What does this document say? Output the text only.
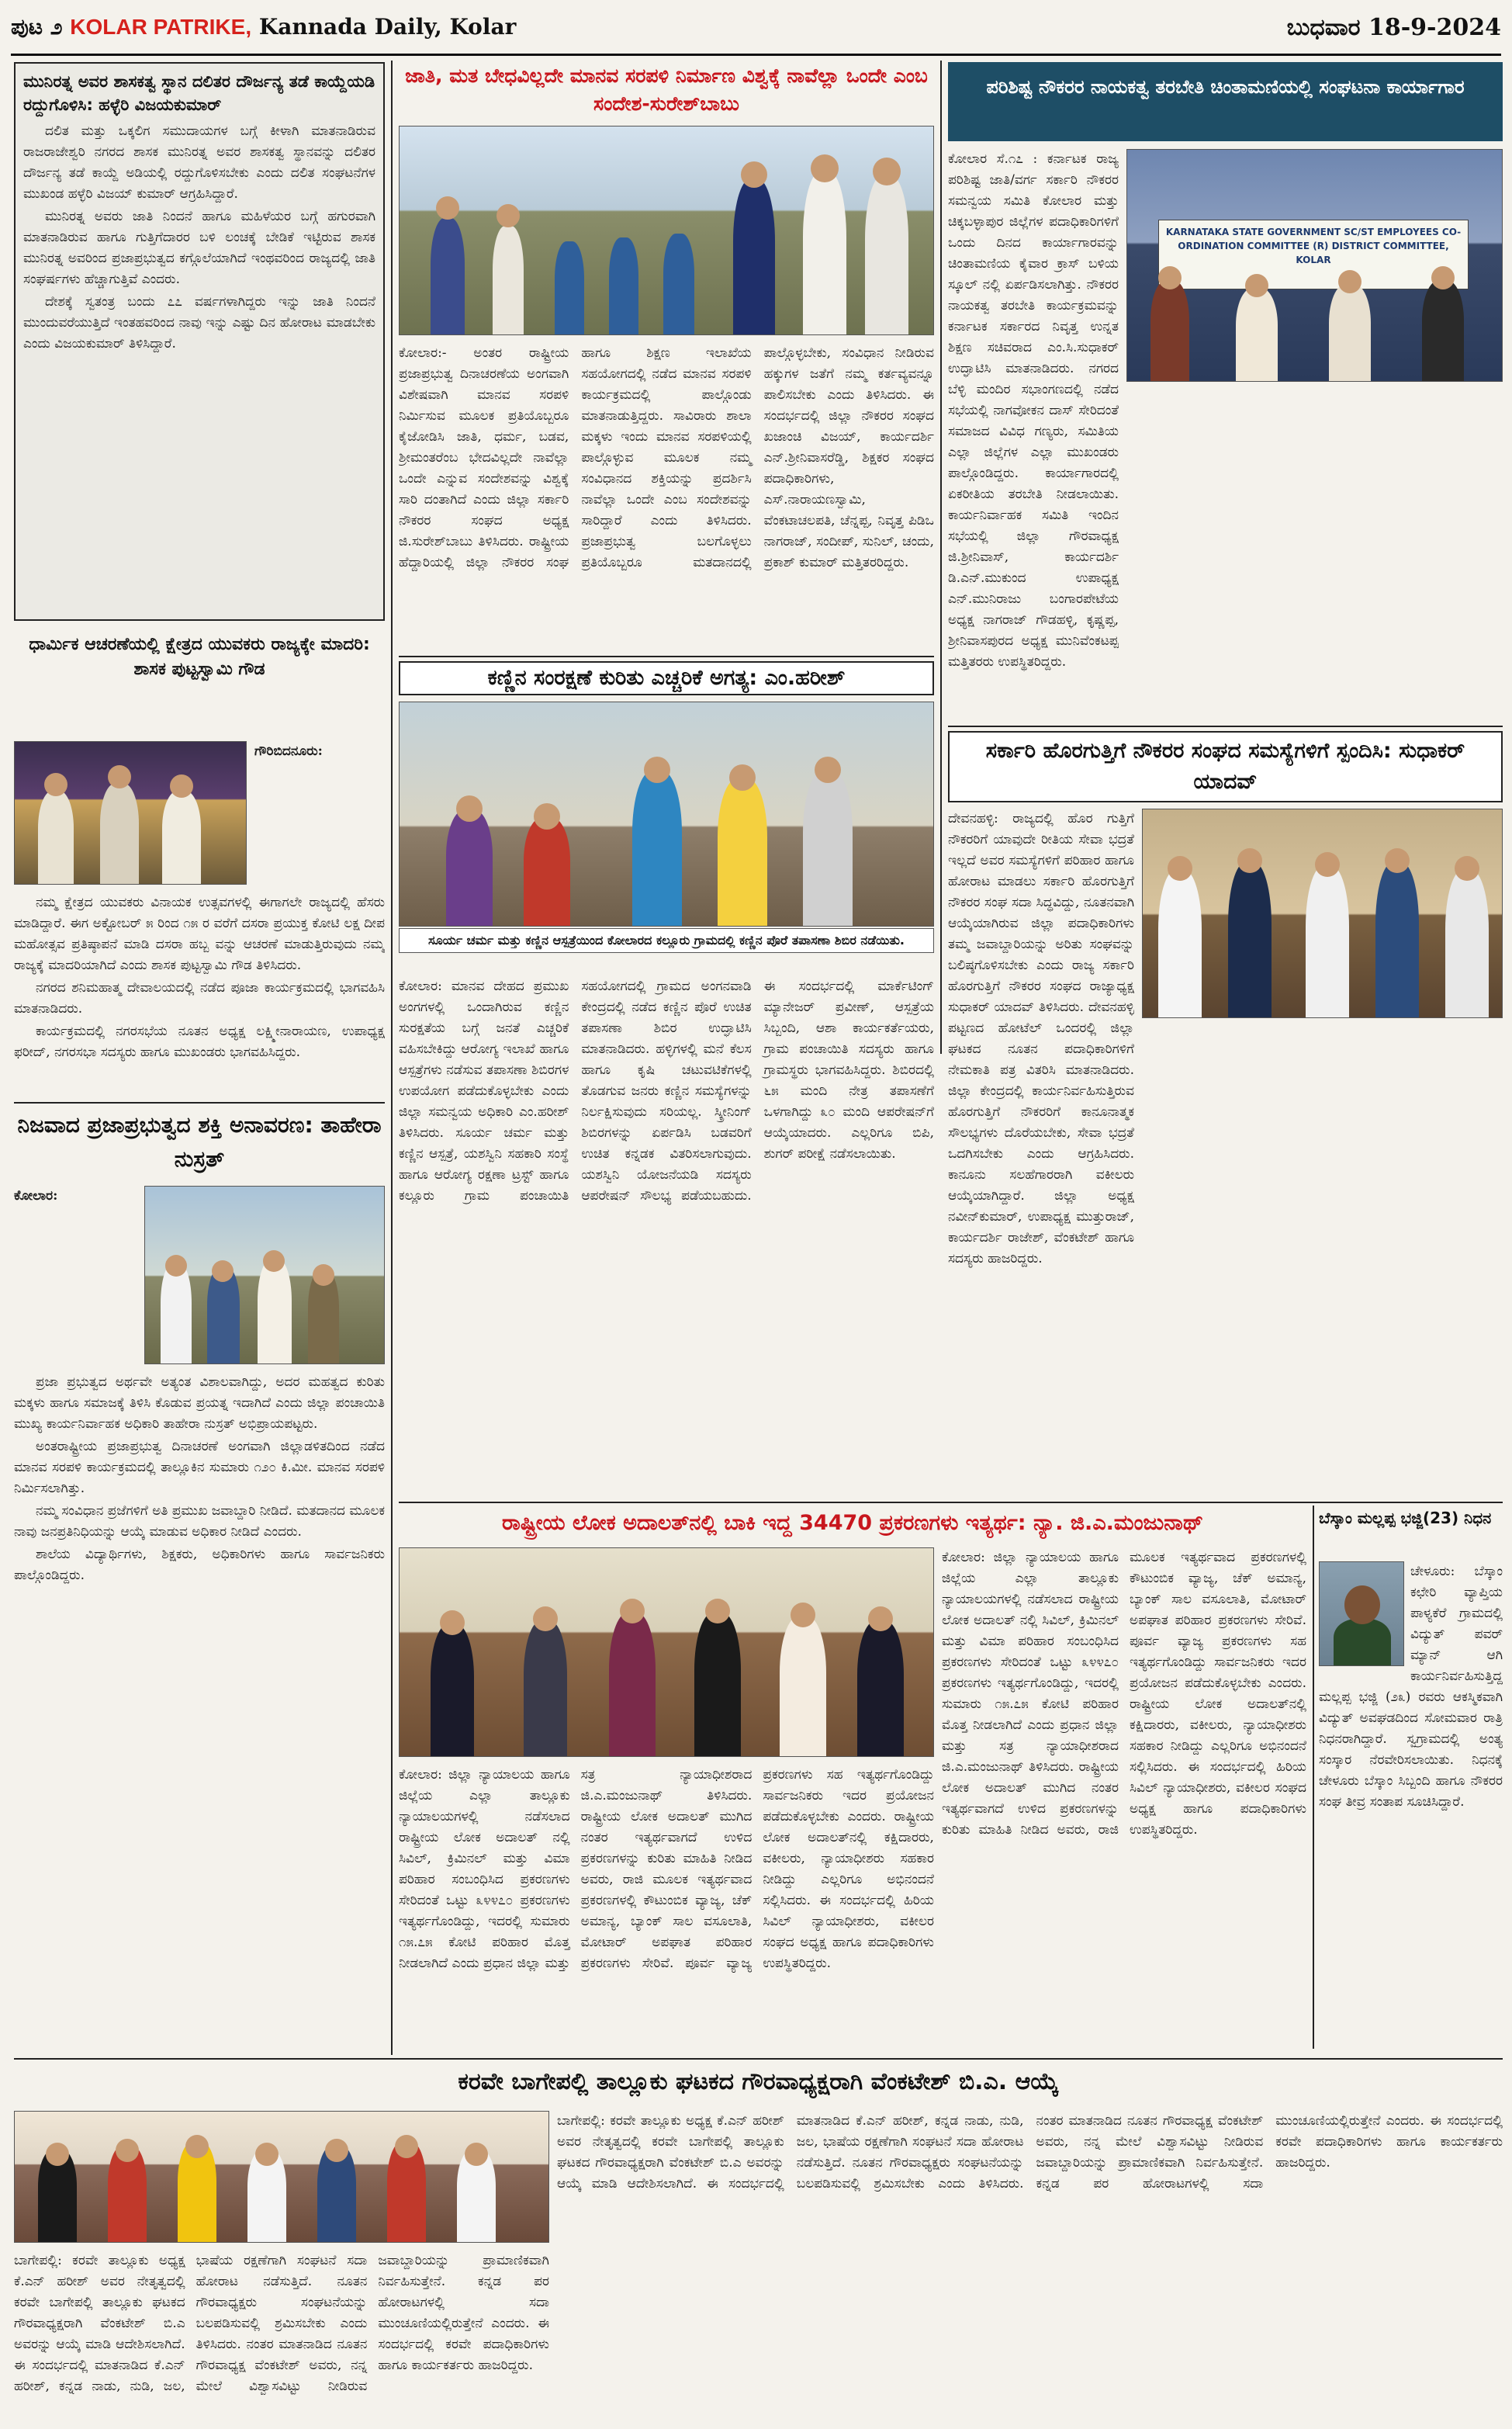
ಪುಟ ೨ KOLAR PATRIKE, Kannada Daily, Kolar	ಬುಧವಾರ 18-9-2024
ಮುನಿರತ್ನ ಅವರ ಶಾಸಕತ್ವ ಸ್ಥಾನ ದಲಿತರ ದೌರ್ಜನ್ಯ ತಡೆ ಕಾಯ್ದೆಯಡಿ ರದ್ದುಗೊಳಿಸಿ: ಹಳ್ಳೆರಿ ವಿಜಯಕುಮಾರ್

ದಲಿತ ಮತ್ತು ಒಕ್ಕಲಿಗ ಸಮುದಾಯಗಳ ಬಗ್ಗೆ ಕೀಳಾಗಿ ಮಾತನಾಡಿರುವ ರಾಜರಾಜೇಶ್ವರಿ ನಗರದ ಶಾಸಕ ಮುನಿರತ್ನ ಅವರ ಶಾಸಕತ್ವ ಸ್ಥಾನವನ್ನು ದಲಿತರ ದೌರ್ಜನ್ಯ ತಡೆ ಕಾಯ್ದೆ ಅಡಿಯಲ್ಲಿ ರದ್ದುಗೊಳಿಸಬೇಕು ಎಂದು ದಲಿತ ಸಂಘಟನೆಗಳ ಮುಖಂಡ ಹಳ್ಳೆರಿ ವಿಜಯ್ ಕುಮಾರ್ ಆಗ್ರಹಿಸಿದ್ದಾರೆ.

ಮುನಿರತ್ನ ಅವರು ಜಾತಿ ನಿಂದನೆ ಹಾಗೂ ಮಹಿಳೆಯರ ಬಗ್ಗೆ ಹಗುರವಾಗಿ ಮಾತನಾಡಿರುವ ಹಾಗೂ ಗುತ್ತಿಗೆದಾರರ ಬಳಿ ಲಂಚಕ್ಕೆ ಬೇಡಿಕೆ ಇಟ್ಟಿರುವ ಶಾಸಕ ಮುನಿರತ್ನ ಅವರಿಂದ ಪ್ರಜಾಪ್ರಭುತ್ವದ ಕಗ್ಗೊಲೆಯಾಗಿದೆ ಇಂಥವರಿಂದ ರಾಜ್ಯದಲ್ಲಿ ಜಾತಿ ಸಂಘರ್ಷಗಳು ಹೆಚ್ಚಾಗುತ್ತಿವೆ ಎಂದರು.

ದೇಶಕ್ಕೆ ಸ್ವತಂತ್ರ ಬಂದು ೭೭ ವರ್ಷಗಳಾಗಿದ್ದರು ಇನ್ನು ಜಾತಿ ನಿಂದನೆ ಮುಂದುವರೆಯುತ್ತಿದೆ ಇಂತಹವರಿಂದ ನಾವು ಇನ್ನು ಎಷ್ಟು ದಿನ ಹೋರಾಟ ಮಾಡಬೇಕು ಎಂದು ವಿಜಯಕುಮಾರ್ ತಿಳಿಸಿದ್ದಾರೆ.

ಧಾರ್ಮಿಕ ಆಚರಣೆಯಲ್ಲಿ ಕ್ಷೇತ್ರದ ಯುವಕರು ರಾಜ್ಯಕ್ಕೇ ಮಾದರಿ: ಶಾಸಕ ಪುಟ್ಟಸ್ವಾಮಿ ಗೌಡ
ಗೌರಿಬಿದನೂರು:

ನಮ್ಮ ಕ್ಷೇತ್ರದ ಯುವಕರು ವಿನಾಯಕ ಉತ್ಸವಗಳಲ್ಲಿ ಈಗಾಗಲೇ ರಾಜ್ಯದಲ್ಲಿ ಹೆಸರು ಮಾಡಿದ್ದಾರೆ. ಈಗ ಅಕ್ಟೋಬರ್ ೫ ರಿಂದ ೧೫ ರ ವರೆಗೆ ದಸರಾ ಪ್ರಯುಕ್ತ ಕೋಟಿ ಲಕ್ಷ ದೀಪ ಮಹೋತ್ಸವ ಪ್ರತಿಷ್ಠಾಪನೆ ಮಾಡಿ ದಸರಾ ಹಬ್ಬ ವನ್ನು ಆಚರಣೆ ಮಾಡುತ್ತಿರುವುದು ನಮ್ಮ ರಾಜ್ಯಕ್ಕೆ ಮಾದರಿಯಾಗಿದೆ ಎಂದು ಶಾಸಕ ಪುಟ್ಟಸ್ವಾಮಿ ಗೌಡ ತಿಳಿಸಿದರು.

ನಗರದ ಶನಿಮಹಾತ್ಮ ದೇವಾಲಯದಲ್ಲಿ ನಡೆದ ಪೂಜಾ ಕಾರ್ಯಕ್ರಮದಲ್ಲಿ ಭಾಗವಹಿಸಿ ಮಾತನಾಡಿದರು.

ಕಾರ್ಯಕ್ರಮದಲ್ಲಿ ನಗರಸಭೆಯ ನೂತನ ಅಧ್ಯಕ್ಷ ಲಕ್ಷ್ಮೀನಾರಾಯಣ, ಉಪಾಧ್ಯಕ್ಷ ಫರೀದ್, ನಗರಸಭಾ ಸದಸ್ಯರು ಹಾಗೂ ಮುಖಂಡರು ಭಾಗವಹಿಸಿದ್ದರು.

ನಿಜವಾದ ಪ್ರಜಾಪ್ರಭುತ್ವದ ಶಕ್ತಿ ಅನಾವರಣ: ತಾಹೇರಾ ನುಸ್ರತ್
ಕೋಲಾರ:

ಪ್ರಜಾ ಪ್ರಭುತ್ವದ ಅರ್ಥವೇ ಅತ್ಯಂತ ವಿಶಾಲವಾಗಿದ್ದು, ಅದರ ಮಹತ್ವದ ಕುರಿತು ಮಕ್ಕಳು ಹಾಗೂ ಸಮಾಜಕ್ಕೆ ತಿಳಿಸಿ ಕೊಡುವ ಪ್ರಯತ್ನ ಇದಾಗಿದೆ ಎಂದು ಜಿಲ್ಲಾ ಪಂಚಾಯಿತಿ ಮುಖ್ಯ ಕಾರ್ಯನಿರ್ವಾಹಕ ಅಧಿಕಾರಿ ತಾಹೇರಾ ನುಸ್ರತ್ ಅಭಿಪ್ರಾಯಪಟ್ಟರು.

ಅಂತರಾಷ್ಟ್ರೀಯ ಪ್ರಜಾಪ್ರಭುತ್ವ ದಿನಾಚರಣೆ ಅಂಗವಾಗಿ ಜಿಲ್ಲಾಡಳಿತದಿಂದ ನಡೆದ ಮಾನವ ಸರಪಳಿ ಕಾರ್ಯಕ್ರಮದಲ್ಲಿ ತಾಲ್ಲೂಕಿನ ಸುಮಾರು ೧೨೦ ಕಿ.ಮೀ. ಮಾನವ ಸರಪಳಿ ನಿರ್ಮಿಸಲಾಗಿತ್ತು.

ನಮ್ಮ ಸಂವಿಧಾನ ಪ್ರಜೆಗಳಿಗೆ ಅತಿ ಪ್ರಮುಖ ಜವಾಬ್ದಾರಿ ನೀಡಿದೆ. ಮತದಾನದ ಮೂಲಕ ನಾವು ಜನಪ್ರತಿನಿಧಿಯನ್ನು ಆಯ್ಕೆ ಮಾಡುವ ಅಧಿಕಾರ ನೀಡಿದೆ ಎಂದರು.

ಶಾಲೆಯ ವಿದ್ಯಾರ್ಥಿಗಳು, ಶಿಕ್ಷಕರು, ಅಧಿಕಾರಿಗಳು ಹಾಗೂ ಸಾರ್ವಜನಿಕರು ಪಾಲ್ಗೊಂಡಿದ್ದರು.

ಜಾತಿ, ಮತ ಬೇಧವಿಲ್ಲದೇ ಮಾನವ ಸರಪಳಿ ನಿರ್ಮಾಣ ವಿಶ್ವಕ್ಕೆ ನಾವೆಲ್ಲಾ ಒಂದೇ ಎಂಬ ಸಂದೇಶ-ಸುರೇಶ್‌ಬಾಬು
ಕೋಲಾರ:- ಅಂತರ ರಾಷ್ಟ್ರೀಯ ಪ್ರಜಾಪ್ರಭುತ್ವ ದಿನಾಚರಣೆಯ ಅಂಗವಾಗಿ ವಿಶೇಷವಾಗಿ ಮಾನವ ಸರಪಳಿ ನಿರ್ಮಿಸುವ ಮೂಲಕ ಪ್ರತಿಯೊಬ್ಬರೂ ಕೈಜೋಡಿಸಿ ಜಾತಿ, ಧರ್ಮ, ಬಡವ, ಶ್ರೀಮಂತರೆಂಬ ಭೇದವಿಲ್ಲದೇ ನಾವೆಲ್ಲಾ ಒಂದೇ ಎನ್ನುವ ಸಂದೇಶವನ್ನು ವಿಶ್ವಕ್ಕೆ ಸಾರಿ ದಂತಾಗಿದೆ ಎಂದು ಜಿಲ್ಲಾ ಸರ್ಕಾರಿ ನೌಕರರ ಸಂಘದ ಅಧ್ಯಕ್ಷ ಜಿ.ಸುರೇಶ್‌ಬಾಬು ತಿಳಿಸಿದರು. ರಾಷ್ಟ್ರೀಯ ಹೆದ್ದಾರಿಯಲ್ಲಿ ಜಿಲ್ಲಾ ನೌಕರರ ಸಂಘ ಹಾಗೂ ಶಿಕ್ಷಣ ಇಲಾಖೆಯ ಸಹಯೋಗದಲ್ಲಿ ನಡೆದ ಮಾನವ ಸರಪಳಿ ಕಾರ್ಯಕ್ರಮದಲ್ಲಿ ಪಾಲ್ಗೊಂಡು ಮಾತನಾಡುತ್ತಿದ್ದರು. ಸಾವಿರಾರು ಶಾಲಾ ಮಕ್ಕಳು ಇಂದು ಮಾನವ ಸರಪಳಿಯಲ್ಲಿ ಪಾಲ್ಗೊಳ್ಳುವ ಮೂಲಕ ನಮ್ಮ ಸಂವಿಧಾನದ ಶಕ್ತಿಯನ್ನು ಪ್ರದರ್ಶಿಸಿ ನಾವೆಲ್ಲಾ ಒಂದೇ ಎಂಬ ಸಂದೇಶವನ್ನು ಸಾರಿದ್ದಾರೆ ಎಂದು ತಿಳಿಸಿದರು. ಪ್ರಜಾಪ್ರಭುತ್ವ ಬಲಗೊಳ್ಳಲು ಪ್ರತಿಯೊಬ್ಬರೂ ಮತದಾನದಲ್ಲಿ ಪಾಲ್ಗೊಳ್ಳಬೇಕು, ಸಂವಿಧಾನ ನೀಡಿರುವ ಹಕ್ಕುಗಳ ಜತೆಗೆ ನಮ್ಮ ಕರ್ತವ್ಯವನ್ನೂ ಪಾಲಿಸಬೇಕು ಎಂದು ತಿಳಿಸಿದರು. ಈ ಸಂದರ್ಭದಲ್ಲಿ ಜಿಲ್ಲಾ ನೌಕರರ ಸಂಘದ ಖಜಾಂಚಿ ವಿಜಯ್, ಕಾರ್ಯದರ್ಶಿ ಎನ್.ಶ್ರೀನಿವಾಸರೆಡ್ಡಿ, ಶಿಕ್ಷಕರ ಸಂಘದ ಪದಾಧಿಕಾರಿಗಳು, ಎಸ್‌.ನಾರಾಯಣಸ್ವಾಮಿ, ವೆಂಕಟಾಚಲಪತಿ, ಚೆನ್ನಪ್ಪ, ನಿವೃತ್ತ ಪಿಡಿಒ ನಾಗರಾಜ್, ಸಂದೀಪ್, ಸುನಿಲ್, ಚಂದು, ಪ್ರಕಾಶ್ ಕುಮಾರ್ ಮತ್ತಿತರರಿದ್ದರು.
ಕಣ್ಣಿನ ಸಂರಕ್ಷಣೆ ಕುರಿತು ಎಚ್ಚರಿಕೆ ಅಗತ್ಯ: ಎಂ.ಹರೀಶ್
ಸೂರ್ಯ ಚರ್ಮ ಮತ್ತು ಕಣ್ಣಿನ ಆಸ್ಪತ್ರೆಯಿಂದ ಕೋಲಾರದ ಕಲ್ಲೂರು ಗ್ರಾಮದಲ್ಲಿ ಕಣ್ಣಿನ ಪೊರೆ ತಪಾಸಣಾ ಶಿಬಿರ ನಡೆಯಿತು.
ಕೋಲಾರ: ಮಾನವ ದೇಹದ ಪ್ರಮುಖ ಅಂಗಗಳಲ್ಲಿ ಒಂದಾಗಿರುವ ಕಣ್ಣಿನ ಸುರಕ್ಷತೆಯ ಬಗ್ಗೆ ಜನತೆ ಎಚ್ಚರಿಕೆ ವಹಿಸಬೇಕಿದ್ದು ಆರೋಗ್ಯ ಇಲಾಖೆ ಹಾಗೂ ಆಸ್ಪತ್ರೆಗಳು ನಡೆಸುವ ತಪಾಸಣಾ ಶಿಬಿರಗಳ ಉಪಯೋಗ ಪಡೆದುಕೊಳ್ಳಬೇಕು ಎಂದು ಜಿಲ್ಲಾ ಸಮನ್ವಯ ಅಧಿಕಾರಿ ಎಂ.ಹರೀಶ್ ತಿಳಿಸಿದರು. ಸೂರ್ಯ ಚರ್ಮ ಮತ್ತು ಕಣ್ಣಿನ ಆಸ್ಪತ್ರೆ, ಯಶಸ್ವಿನಿ ಸಹಕಾರಿ ಸಂಸ್ಥೆ ಹಾಗೂ ಆರೋಗ್ಯ ರಕ್ಷಣಾ ಟ್ರಸ್ಟ್ ಹಾಗೂ ಕಲ್ಲೂರು ಗ್ರಾಮ ಪಂಚಾಯಿತಿ ಸಹಯೋಗದಲ್ಲಿ ಗ್ರಾಮದ ಅಂಗನವಾಡಿ ಕೇಂದ್ರದಲ್ಲಿ ನಡೆದ ಕಣ್ಣಿನ ಪೊರೆ ಉಚಿತ ತಪಾಸಣಾ ಶಿಬಿರ ಉದ್ಘಾಟಿಸಿ ಮಾತನಾಡಿದರು. ಹಳ್ಳಿಗಳಲ್ಲಿ ಮನೆ ಕೆಲಸ ಹಾಗೂ ಕೃಷಿ ಚಟುವಟಿಕೆಗಳಲ್ಲಿ ತೊಡಗುವ ಜನರು ಕಣ್ಣಿನ ಸಮಸ್ಯೆಗಳನ್ನು ನಿರ್ಲಕ್ಷಿಸುವುದು ಸರಿಯಲ್ಲ. ಸ್ಕ್ರೀನಿಂಗ್ ಶಿಬಿರಗಳನ್ನು ಏರ್ಪಡಿಸಿ ಬಡವರಿಗೆ ಉಚಿತ ಕನ್ನಡಕ ವಿತರಿಸಲಾಗುವುದು. ಯಶಸ್ವಿನಿ ಯೋಜನೆಯಡಿ ಸದಸ್ಯರು ಆಪರೇಷನ್ ಸೌಲಭ್ಯ ಪಡೆಯಬಹುದು. ಈ ಸಂದರ್ಭದಲ್ಲಿ ಮಾರ್ಕೆಟಿಂಗ್ ಮ್ಯಾನೇಜರ್ ಪ್ರವೀಣ್, ಆಸ್ಪತ್ರೆಯ ಸಿಬ್ಬಂದಿ, ಆಶಾ ಕಾರ್ಯಕರ್ತೆಯರು, ಗ್ರಾಮ ಪಂಚಾಯಿತಿ ಸದಸ್ಯರು ಹಾಗೂ ಗ್ರಾಮಸ್ಥರು ಭಾಗವಹಿಸಿದ್ದರು. ಶಿಬಿರದಲ್ಲಿ ೬೫ ಮಂದಿ ನೇತ್ರ ತಪಾಸಣೆಗೆ ಒಳಗಾಗಿದ್ದು ೩೦ ಮಂದಿ ಆಪರೇಷನ್‌ಗೆ ಆಯ್ಕೆಯಾದರು. ಎಲ್ಲರಿಗೂ ಬಿಪಿ, ಶುಗರ್ ಪರೀಕ್ಷೆ ನಡೆಸಲಾಯಿತು.
ಪರಿಶಿಷ್ಟ ನೌಕರರ ನಾಯಕತ್ವ ತರಬೇತಿ ಚಿಂತಾಮಣಿಯಲ್ಲಿ ಸಂಘಟನಾ ಕಾರ್ಯಾಗಾರ
KARNATAKA STATE GOVERNMENT SC/ST EMPLOYEES CO-ORDINATION COMMITTEE (R) DISTRICT COMMITTEE, KOLAR
ಕೋಲಾರ ಸೆ.೧೭ : ಕರ್ನಾಟಕ ರಾಜ್ಯ ಪರಿಶಿಷ್ಟ ಜಾತಿ/ವರ್ಗ ಸರ್ಕಾರಿ ನೌಕರರ ಸಮನ್ವಯ ಸಮಿತಿ ಕೋಲಾರ ಮತ್ತು ಚಿಕ್ಕಬಳ್ಳಾಪುರ ಜಿಲ್ಲೆಗಳ ಪದಾಧಿಕಾರಿಗಳಿಗೆ ಒಂದು ದಿನದ ಕಾರ್ಯಾಗಾರವನ್ನು ಚಿಂತಾಮಣಿಯ ಕೈವಾರ ಕ್ರಾಸ್ ಬಳಿಯ ಸ್ಕೂಲ್ ನಲ್ಲಿ ಏರ್ಪಡಿಸಲಾಗಿತ್ತು. ನೌಕರರ ನಾಯಕತ್ವ ತರಬೇತಿ ಕಾರ್ಯಕ್ರಮವನ್ನು ಕರ್ನಾಟಕ ಸರ್ಕಾರದ ನಿವೃತ್ತ ಉನ್ನತ ಶಿಕ್ಷಣ ಸಚಿವರಾದ ಎಂ.ಸಿ.ಸುಧಾಕರ್ ಉದ್ಘಾಟಿಸಿ ಮಾತನಾಡಿದರು. ನಗರದ ಬೆಳ್ಳಿ ಮಂದಿರ ಸಭಾಂಗಣದಲ್ಲಿ ನಡೆದ ಸಭೆಯಲ್ಲಿ ನಾಗವೋಕನ ದಾಸ್ ಸೇರಿದಂತೆ ಸಮಾಜದ ವಿವಿಧ ಗಣ್ಯರು, ಸಮಿತಿಯ ಎಲ್ಲಾ ಜಿಲ್ಲೆಗಳ ಎಲ್ಲಾ ಮುಖಂಡರು ಪಾಲ್ಗೊಂಡಿದ್ದರು. ಕಾರ್ಯಾಗಾರದಲ್ಲಿ ಏಕರೀತಿಯ ತರಬೇತಿ ನೀಡಲಾಯಿತು. ಕಾರ್ಯನಿರ್ವಾಹಕ ಸಮಿತಿ ಇಂದಿನ ಸಭೆಯಲ್ಲಿ ಜಿಲ್ಲಾ ಗೌರವಾಧ್ಯಕ್ಷ ಜಿ.ಶ್ರೀನಿವಾಸ್, ಕಾರ್ಯದರ್ಶಿ ಡಿ.ಎನ್.ಮುಕುಂದ ಉಪಾಧ್ಯಕ್ಷ ಎನ್.ಮುನಿರಾಜು ಬಂಗಾರಪೇಟೆಯ ಅಧ್ಯಕ್ಷ ನಾಗರಾಜ್ ಗೌಡಹಳ್ಳಿ, ಕೃಷ್ಣಪ್ಪ, ಶ್ರೀನಿವಾಸಪುರದ ಅಧ್ಯಕ್ಷ ಮುನಿವೆಂಕಟಪ್ಪ ಮತ್ತಿತರರು ಉಪಸ್ಥಿತರಿದ್ದರು.
ಸರ್ಕಾರಿ ಹೊರಗುತ್ತಿಗೆ ನೌಕರರ ಸಂಘದ ಸಮಸ್ಯೆಗಳಿಗೆ ಸ್ಪಂದಿಸಿ: ಸುಧಾಕರ್ ಯಾದವ್
ದೇವನಹಳ್ಳಿ: ರಾಜ್ಯದಲ್ಲಿ ಹೊರ ಗುತ್ತಿಗೆ ನೌಕರರಿಗೆ ಯಾವುದೇ ರೀತಿಯ ಸೇವಾ ಭದ್ರತೆ ಇಲ್ಲದೆ ಅವರ ಸಮಸ್ಯೆಗಳಿಗೆ ಪರಿಹಾರ ಹಾಗೂ ಹೋರಾಟ ಮಾಡಲು ಸರ್ಕಾರಿ ಹೊರಗುತ್ತಿಗೆ ನೌಕರರ ಸಂಘ ಸದಾ ಸಿದ್ಧವಿದ್ದು, ನೂತನವಾಗಿ ಆಯ್ಕೆಯಾಗಿರುವ ಜಿಲ್ಲಾ ಪದಾಧಿಕಾರಿಗಳು ತಮ್ಮ ಜವಾಬ್ದಾರಿಯನ್ನು ಅರಿತು ಸಂಘವನ್ನು ಬಲಿಷ್ಠಗೊಳಿಸಬೇಕು ಎಂದು ರಾಜ್ಯ ಸರ್ಕಾರಿ ಹೊರಗುತ್ತಿಗೆ ನೌಕರರ ಸಂಘದ ರಾಜ್ಯಾಧ್ಯಕ್ಷ ಸುಧಾಕರ್ ಯಾದವ್ ತಿಳಿಸಿದರು. ದೇವನಹಳ್ಳಿ ಪಟ್ಟಣದ ಹೋಟೆಲ್ ಒಂದರಲ್ಲಿ ಜಿಲ್ಲಾ ಘಟಕದ ನೂತನ ಪದಾಧಿಕಾರಿಗಳಿಗೆ ನೇಮಕಾತಿ ಪತ್ರ ವಿತರಿಸಿ ಮಾತನಾಡಿದರು. ಜಿಲ್ಲಾ ಕೇಂದ್ರದಲ್ಲಿ ಕಾರ್ಯನಿರ್ವಹಿಸುತ್ತಿರುವ ಹೊರಗುತ್ತಿಗೆ ನೌಕರರಿಗೆ ಕಾನೂನಾತ್ಮಕ ಸೌಲಭ್ಯಗಳು ದೊರೆಯಬೇಕು, ಸೇವಾ ಭದ್ರತೆ ಒದಗಿಸಬೇಕು ಎಂದು ಆಗ್ರಹಿಸಿದರು. ಕಾನೂನು ಸಲಹೆಗಾರರಾಗಿ ವಕೀಲರು ಆಯ್ಕೆಯಾಗಿದ್ದಾರೆ. ಜಿಲ್ಲಾ ಅಧ್ಯಕ್ಷ ನವೀನ್‌ಕುಮಾರ್, ಉಪಾಧ್ಯಕ್ಷ ಮುತ್ತುರಾಜ್, ಕಾರ್ಯದರ್ಶಿ ರಾಜೇಶ್, ವೆಂಕಟೇಶ್ ಹಾಗೂ ಸದಸ್ಯರು ಹಾಜರಿದ್ದರು.
ರಾಷ್ಟ್ರೀಯ ಲೋಕ ಅದಾಲತ್‌ನಲ್ಲಿ ಬಾಕಿ ಇದ್ದ 34470 ಪ್ರಕರಣಗಳು ಇತ್ಯರ್ಥ: ನ್ಯಾ. ಜಿ.ಎ.ಮಂಜುನಾಥ್
ಕೋಲಾರ: ಜಿಲ್ಲಾ ನ್ಯಾಯಾಲಯ ಹಾಗೂ ಜಿಲ್ಲೆಯ ಎಲ್ಲಾ ತಾಲ್ಲೂಕು ನ್ಯಾಯಾಲಯಗಳಲ್ಲಿ ನಡೆಸಲಾದ ರಾಷ್ಟ್ರೀಯ ಲೋಕ ಅದಾಲತ್ ನಲ್ಲಿ ಸಿವಿಲ್, ಕ್ರಿಮಿನಲ್ ಮತ್ತು ವಿಮಾ ಪರಿಹಾರ ಸಂಬಂಧಿಸಿದ ಪ್ರಕರಣಗಳು ಸೇರಿದಂತೆ ಒಟ್ಟು ೩೪೪೭೦ ಪ್ರಕರಣಗಳು ಇತ್ಯರ್ಥಗೊಂಡಿದ್ದು, ಇದರಲ್ಲಿ ಸುಮಾರು ೧೫.೭೫ ಕೋಟಿ ಪರಿಹಾರ ಮೊತ್ತ ನೀಡಲಾಗಿದೆ ಎಂದು ಪ್ರಧಾನ ಜಿಲ್ಲಾ ಮತ್ತು ಸತ್ರ ನ್ಯಾಯಾಧೀಶರಾದ ಜಿ.ಎ.ಮಂಜುನಾಥ್ ತಿಳಿಸಿದರು. ರಾಷ್ಟ್ರೀಯ ಲೋಕ ಅದಾಲತ್ ಮುಗಿದ ನಂತರ ಇತ್ಯರ್ಥವಾಗದೆ ಉಳಿದ ಪ್ರಕರಣಗಳನ್ನು ಕುರಿತು ಮಾಹಿತಿ ನೀಡಿದ ಅವರು, ರಾಜಿ ಮೂಲಕ ಇತ್ಯರ್ಥವಾದ ಪ್ರಕರಣಗಳಲ್ಲಿ ಕೌಟುಂಬಿಕ ವ್ಯಾಜ್ಯ, ಚೆಕ್ ಅಮಾನ್ಯ, ಬ್ಯಾಂಕ್ ಸಾಲ ವಸೂಲಾತಿ, ಮೋಟಾರ್ ಅಪಘಾತ ಪರಿಹಾರ ಪ್ರಕರಣಗಳು ಸೇರಿವೆ. ಪೂರ್ವ ವ್ಯಾಜ್ಯ ಪ್ರಕರಣಗಳು ಸಹ ಇತ್ಯರ್ಥಗೊಂಡಿದ್ದು ಸಾರ್ವಜನಿಕರು ಇದರ ಪ್ರಯೋಜನ ಪಡೆದುಕೊಳ್ಳಬೇಕು ಎಂದರು. ರಾಷ್ಟ್ರೀಯ ಲೋಕ ಅದಾಲತ್‌ನಲ್ಲಿ ಕಕ್ಷಿದಾರರು, ವಕೀಲರು, ನ್ಯಾಯಾಧೀಶರು ಸಹಕಾರ ನೀಡಿದ್ದು ಎಲ್ಲರಿಗೂ ಅಭಿನಂದನೆ ಸಲ್ಲಿಸಿದರು. ಈ ಸಂದರ್ಭದಲ್ಲಿ ಹಿರಿಯ ಸಿವಿಲ್ ನ್ಯಾಯಾಧೀಶರು, ವಕೀಲರ ಸಂಘದ ಅಧ್ಯಕ್ಷ ಹಾಗೂ ಪದಾಧಿಕಾರಿಗಳು ಉಪಸ್ಥಿತರಿದ್ದರು.
ಕೋಲಾರ: ಜಿಲ್ಲಾ ನ್ಯಾಯಾಲಯ ಹಾಗೂ ಜಿಲ್ಲೆಯ ಎಲ್ಲಾ ತಾಲ್ಲೂಕು ನ್ಯಾಯಾಲಯಗಳಲ್ಲಿ ನಡೆಸಲಾದ ರಾಷ್ಟ್ರೀಯ ಲೋಕ ಅದಾಲತ್ ನಲ್ಲಿ ಸಿವಿಲ್, ಕ್ರಿಮಿನಲ್ ಮತ್ತು ವಿಮಾ ಪರಿಹಾರ ಸಂಬಂಧಿಸಿದ ಪ್ರಕರಣಗಳು ಸೇರಿದಂತೆ ಒಟ್ಟು ೩೪೪೭೦ ಪ್ರಕರಣಗಳು ಇತ್ಯರ್ಥಗೊಂಡಿದ್ದು, ಇದರಲ್ಲಿ ಸುಮಾರು ೧೫.೭೫ ಕೋಟಿ ಪರಿಹಾರ ಮೊತ್ತ ನೀಡಲಾಗಿದೆ ಎಂದು ಪ್ರಧಾನ ಜಿಲ್ಲಾ ಮತ್ತು ಸತ್ರ ನ್ಯಾಯಾಧೀಶರಾದ ಜಿ.ಎ.ಮಂಜುನಾಥ್ ತಿಳಿಸಿದರು. ರಾಷ್ಟ್ರೀಯ ಲೋಕ ಅದಾಲತ್ ಮುಗಿದ ನಂತರ ಇತ್ಯರ್ಥವಾಗದೆ ಉಳಿದ ಪ್ರಕರಣಗಳನ್ನು ಕುರಿತು ಮಾಹಿತಿ ನೀಡಿದ ಅವರು, ರಾಜಿ ಮೂಲಕ ಇತ್ಯರ್ಥವಾದ ಪ್ರಕರಣಗಳಲ್ಲಿ ಕೌಟುಂಬಿಕ ವ್ಯಾಜ್ಯ, ಚೆಕ್ ಅಮಾನ್ಯ, ಬ್ಯಾಂಕ್ ಸಾಲ ವಸೂಲಾತಿ, ಮೋಟಾರ್ ಅಪಘಾತ ಪರಿಹಾರ ಪ್ರಕರಣಗಳು ಸೇರಿವೆ. ಪೂರ್ವ ವ್ಯಾಜ್ಯ ಪ್ರಕರಣಗಳು ಸಹ ಇತ್ಯರ್ಥಗೊಂಡಿದ್ದು ಸಾರ್ವಜನಿಕರು ಇದರ ಪ್ರಯೋಜನ ಪಡೆದುಕೊಳ್ಳಬೇಕು ಎಂದರು. ರಾಷ್ಟ್ರೀಯ ಲೋಕ ಅದಾಲತ್‌ನಲ್ಲಿ ಕಕ್ಷಿದಾರರು, ವಕೀಲರು, ನ್ಯಾಯಾಧೀಶರು ಸಹಕಾರ ನೀಡಿದ್ದು ಎಲ್ಲರಿಗೂ ಅಭಿನಂದನೆ ಸಲ್ಲಿಸಿದರು. ಈ ಸಂದರ್ಭದಲ್ಲಿ ಹಿರಿಯ ಸಿವಿಲ್ ನ್ಯಾಯಾಧೀಶರು, ವಕೀಲರ ಸಂಘದ ಅಧ್ಯಕ್ಷ ಹಾಗೂ ಪದಾಧಿಕಾರಿಗಳು ಉಪಸ್ಥಿತರಿದ್ದರು.
ಬೆಸ್ಕಾಂ ಮಲ್ಲಪ್ಪ ಭಜ್ಜಿ(23) ನಿಧನ
ಚೇಳೂರು: ಬೆಸ್ಕಾಂ ಕಛೇರಿ ವ್ಯಾಪ್ತಿಯ ಪಾಳ್ಯಕೆರೆ ಗ್ರಾಮದಲ್ಲಿ ವಿದ್ಯುತ್ ಪವರ್ ಮ್ಯಾನ್ ಆಗಿ ಕಾರ್ಯನಿರ್ವಹಿಸುತ್ತಿದ್ದ ಮಲ್ಲಪ್ಪ ಭಜ್ಜಿ (೨೩) ರವರು ಆಕಸ್ಮಿಕವಾಗಿ ವಿದ್ಯುತ್ ಅವಘಡದಿಂದ ಸೋಮವಾರ ರಾತ್ರಿ ನಿಧನರಾಗಿದ್ದಾರೆ. ಸ್ವಗ್ರಾಮದಲ್ಲಿ ಅಂತ್ಯ ಸಂಸ್ಕಾರ ನೆರವೇರಿಸಲಾಯಿತು. ನಿಧನಕ್ಕೆ ಚೇಳೂರು ಬೆಸ್ಕಾಂ ಸಿಬ್ಬಂದಿ ಹಾಗೂ ನೌಕರರ ಸಂಘ ತೀವ್ರ ಸಂತಾಪ ಸೂಚಿಸಿದ್ದಾರೆ.
ಕರವೇ ಬಾಗೇಪಲ್ಲಿ ತಾಲ್ಲೂಕು ಘಟಕದ ಗೌರವಾಧ್ಯಕ್ಷರಾಗಿ ವೆಂಕಟೇಶ್ ಬಿ.ಎ. ಆಯ್ಕೆ
ಬಾಗೇಪಲ್ಲಿ: ಕರವೇ ತಾಲ್ಲೂಕು ಅಧ್ಯಕ್ಷ ಕೆ.ಎನ್ ಹರೀಶ್ ಅವರ ನೇತೃತ್ವದಲ್ಲಿ ಕರವೇ ಬಾಗೇಪಲ್ಲಿ ತಾಲ್ಲೂಕು ಘಟಕದ ಗೌರವಾಧ್ಯಕ್ಷರಾಗಿ ವೆಂಕಟೇಶ್ ಬಿ.ಎ ಅವರನ್ನು ಆಯ್ಕೆ ಮಾಡಿ ಆದೇಶಿಸಲಾಗಿದೆ. ಈ ಸಂದರ್ಭದಲ್ಲಿ ಮಾತನಾಡಿದ ಕೆ.ಎನ್ ಹರೀಶ್, ಕನ್ನಡ ನಾಡು, ನುಡಿ, ಜಲ, ಭಾಷೆಯ ರಕ್ಷಣೆಗಾಗಿ ಸಂಘಟನೆ ಸದಾ ಹೋರಾಟ ನಡೆಸುತ್ತಿದೆ. ನೂತನ ಗೌರವಾಧ್ಯಕ್ಷರು ಸಂಘಟನೆಯನ್ನು ಬಲಪಡಿಸುವಲ್ಲಿ ಶ್ರಮಿಸಬೇಕು ಎಂದು ತಿಳಿಸಿದರು. ನಂತರ ಮಾತನಾಡಿದ ನೂತನ ಗೌರವಾಧ್ಯಕ್ಷ ವೆಂಕಟೇಶ್ ಅವರು, ನನ್ನ ಮೇಲೆ ವಿಶ್ವಾಸವಿಟ್ಟು ನೀಡಿರುವ ಜವಾಬ್ದಾರಿಯನ್ನು ಪ್ರಾಮಾಣಿಕವಾಗಿ ನಿರ್ವಹಿಸುತ್ತೇನೆ. ಕನ್ನಡ ಪರ ಹೋರಾಟಗಳಲ್ಲಿ ಸದಾ ಮುಂಚೂಣಿಯಲ್ಲಿರುತ್ತೇನೆ ಎಂದರು. ಈ ಸಂದರ್ಭದಲ್ಲಿ ಕರವೇ ಪದಾಧಿಕಾರಿಗಳು ಹಾಗೂ ಕಾರ್ಯಕರ್ತರು ಹಾಜರಿದ್ದರು.
ಬಾಗೇಪಲ್ಲಿ: ಕರವೇ ತಾಲ್ಲೂಕು ಅಧ್ಯಕ್ಷ ಕೆ.ಎನ್ ಹರೀಶ್ ಅವರ ನೇತೃತ್ವದಲ್ಲಿ ಕರವೇ ಬಾಗೇಪಲ್ಲಿ ತಾಲ್ಲೂಕು ಘಟಕದ ಗೌರವಾಧ್ಯಕ್ಷರಾಗಿ ವೆಂಕಟೇಶ್ ಬಿ.ಎ ಅವರನ್ನು ಆಯ್ಕೆ ಮಾಡಿ ಆದೇಶಿಸಲಾಗಿದೆ. ಈ ಸಂದರ್ಭದಲ್ಲಿ ಮಾತನಾಡಿದ ಕೆ.ಎನ್ ಹರೀಶ್, ಕನ್ನಡ ನಾಡು, ನುಡಿ, ಜಲ, ಭಾಷೆಯ ರಕ್ಷಣೆಗಾಗಿ ಸಂಘಟನೆ ಸದಾ ಹೋರಾಟ ನಡೆಸುತ್ತಿದೆ. ನೂತನ ಗೌರವಾಧ್ಯಕ್ಷರು ಸಂಘಟನೆಯನ್ನು ಬಲಪಡಿಸುವಲ್ಲಿ ಶ್ರಮಿಸಬೇಕು ಎಂದು ತಿಳಿಸಿದರು. ನಂತರ ಮಾತನಾಡಿದ ನೂತನ ಗೌರವಾಧ್ಯಕ್ಷ ವೆಂಕಟೇಶ್ ಅವರು, ನನ್ನ ಮೇಲೆ ವಿಶ್ವಾಸವಿಟ್ಟು ನೀಡಿರುವ ಜವಾಬ್ದಾರಿಯನ್ನು ಪ್ರಾಮಾಣಿಕವಾಗಿ ನಿರ್ವಹಿಸುತ್ತೇನೆ. ಕನ್ನಡ ಪರ ಹೋರಾಟಗಳಲ್ಲಿ ಸದಾ ಮುಂಚೂಣಿಯಲ್ಲಿರುತ್ತೇನೆ ಎಂದರು. ಈ ಸಂದರ್ಭದಲ್ಲಿ ಕರವೇ ಪದಾಧಿಕಾರಿಗಳು ಹಾಗೂ ಕಾರ್ಯಕರ್ತರು ಹಾಜರಿದ್ದರು.
